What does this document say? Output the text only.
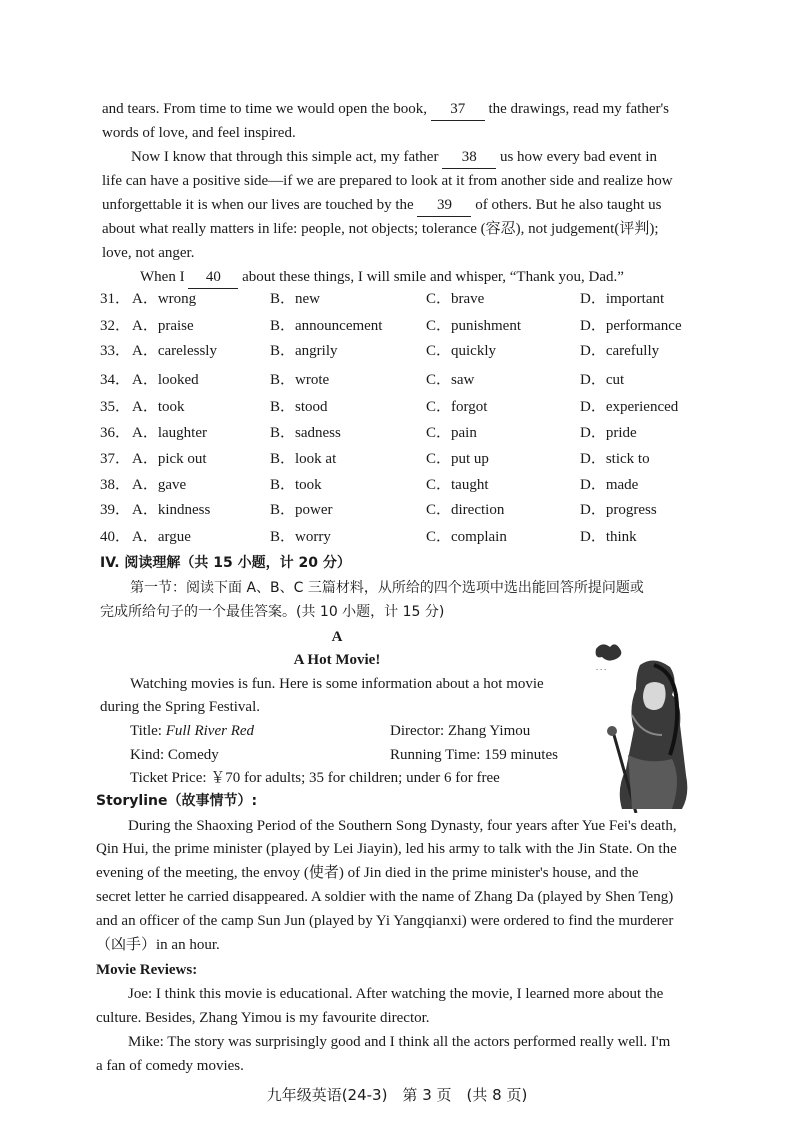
and tears. From time to time we would open the book, 37 the drawings, read my father's
words of love, and feel inspired.
Now I know that through this simple act, my father 38 us how every bad event in
life can have a positive side—if we are prepared to look at it from another side and realize how
unforgettable it is when our lives are touched by the 39 of others. But he also taught us
about what really matters in life: people, not objects; tolerance (容忍), not judgement(评判);
love, not anger.
When I 40 about these things, I will smile and whisper, “Thank you, Dad.”
31． A．wrong	B．new	C．brave	D．important
32． A．praise	B．announcement	C．punishment	D．performance
33． A．carelessly	B．angrily	C．quickly	D．carefully
34． A．looked	B．wrote	C．saw	D．cut
35． A．took	B．stood	C．forgot	D．experienced
36． A．laughter	B．sadness	C．pain	D．pride
37． A．pick out	B．look at	C．put up	D．stick to
38． A．gave	B．took	C．taught	D．made
39． A．kindness	B．power	C．direction	D．progress
40． A．argue	B．worry	C．complain	D．think
IV. 阅读理解（共 15 小题，计 20 分）
第一节：阅读下面 A、B、C 三篇材料，从所给的四个选项中选出能回答所提问题或
完成所给句子的一个最佳答案。(共 10 小题，计 15 分)
A
A Hot Movie!
Watching movies is fun. Here is some information about a hot movie
during the Spring Festival.
Title: Full River Red	Director: Zhang Yimou
Kind: Comedy	Running Time: 159 minutes
Ticket Price: ￥70 for adults; 35 for children; under 6 for free
- - -
Storyline（故事情节）:
During the Shaoxing Period of the Southern Song Dynasty, four years after Yue Fei's death,
Qin Hui, the prime minister (played by Lei Jiayin), led his army to talk with the Jin State. On the
evening of the meeting, the envoy (使者) of Jin died in the prime minister's house, and the
secret letter he carried disappeared. A soldier with the name of Zhang Da (played by Shen Teng)
and an officer of the camp Sun Jun (played by Yi Yangqianxi) were ordered to find the murderer
（凶手）in an hour.
Movie Reviews:
Joe: I think this movie is educational. After watching the movie, I learned more about the
culture. Besides, Zhang Yimou is my favourite director.
Mike: The story was surprisingly good and I think all the actors performed really well. I'm
a fan of comedy movies.
九年级英语(24-3)　第 3 页　(共 8 页)
